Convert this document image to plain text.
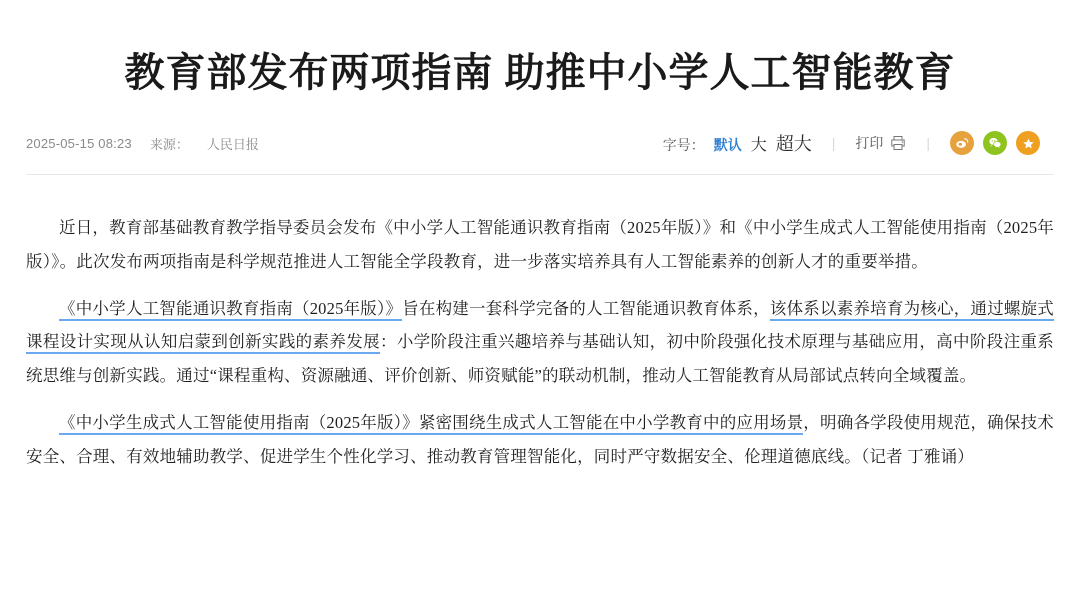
教育部发布两项指南 助推中小学人工智能教育
2025-05-15 08:23 来源： 人民日报	字号： 默认 大 超大 | 打印	|

近日，教育部基础教育教学指导委员会发布《中小学人工智能通识教育指南（2025年版）》和《中小学生成式人工智能使用指南（2025年版）》。此次发布两项指南是科学规范推进人工智能全学段教育，进一步落实培养具有人工智能素养的创新人才的重要举措。

《中小学人工智能通识教育指南（2025年版）》旨在构建一套科学完备的人工智能通识教育体系，该体系以素养培育为核心，通过螺旋式课程设计实现从认知启蒙到创新实践的素养发展：小学阶段注重兴趣培养与基础认知，初中阶段强化技术原理与基础应用，高中阶段注重系统思维与创新实践。通过“课程重构、资源融通、评价创新、师资赋能”的联动机制，推动人工智能教育从局部试点转向全域覆盖。

《中小学生成式人工智能使用指南（2025年版）》紧密围绕生成式人工智能在中小学教育中的应用场景，明确各学段使用规范，确保技术安全、合理、有效地辅助教学、促进学生个性化学习、推动教育管理智能化，同时严守数据安全、伦理道德底线。（记者 丁雅诵）
